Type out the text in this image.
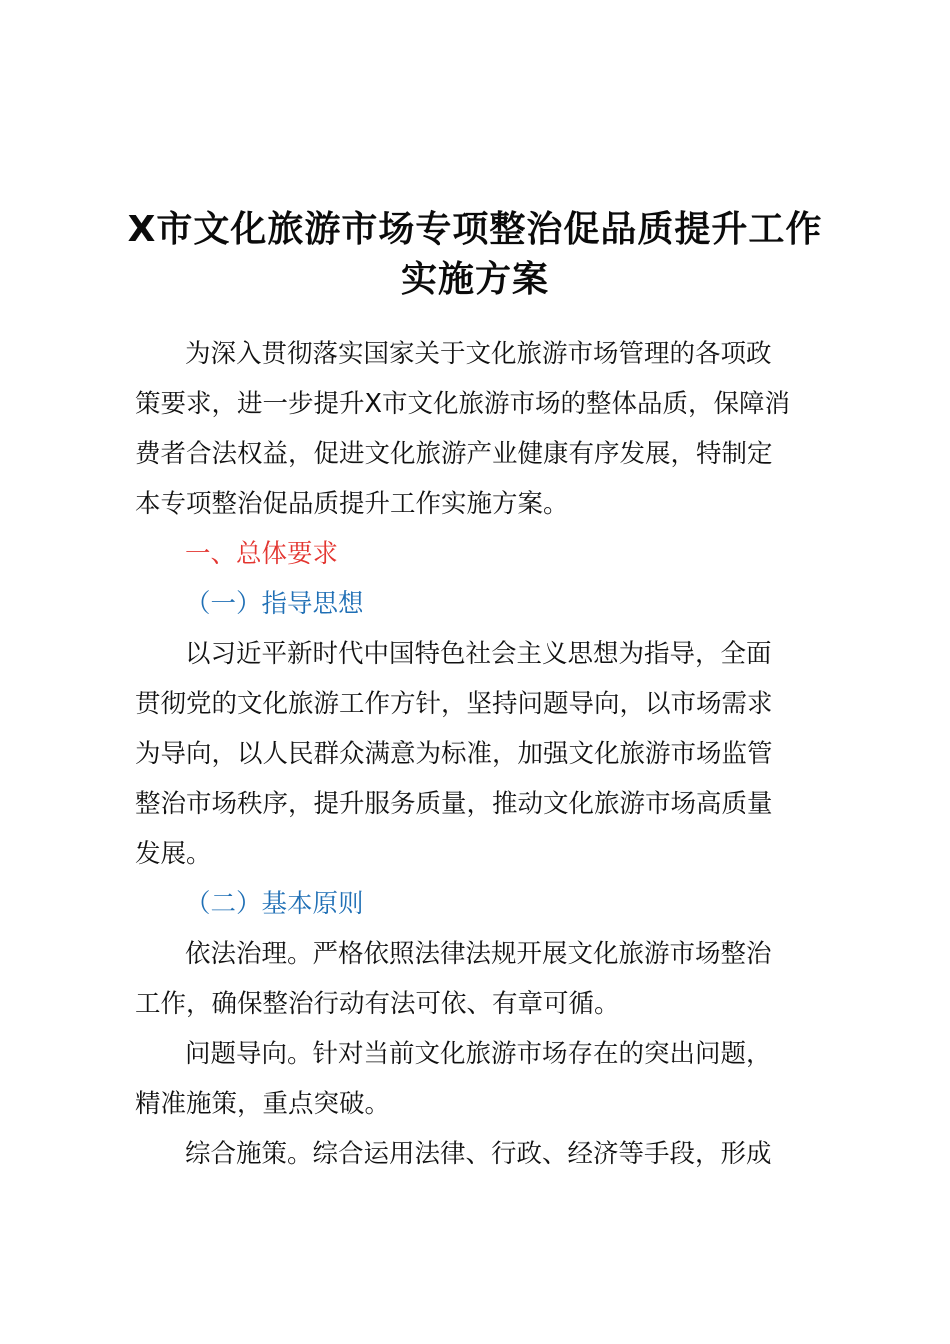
X市文化旅游市场专项整治促品质提升工作
实施方案
为深入贯彻落实国家关于文化旅游市场管理的各项政
策要求，进一步提升X市文化旅游市场的整体品质，保障消
费者合法权益，促进文化旅游产业健康有序发展，特制定
本专项整治促品质提升工作实施方案。
一、总体要求
（一）指导思想
以习近平新时代中国特色社会主义思想为指导，全面
贯彻党的文化旅游工作方针，坚持问题导向，以市场需求
为导向，以人民群众满意为标准，加强文化旅游市场监管
整治市场秩序，提升服务质量，推动文化旅游市场高质量
发展。
（二）基本原则
依法治理。严格依照法律法规开展文化旅游市场整治
工作，确保整治行动有法可依、有章可循。
问题导向。针对当前文化旅游市场存在的突出问题，
精准施策，重点突破。
综合施策。综合运用法律、行政、经济等手段，形成
